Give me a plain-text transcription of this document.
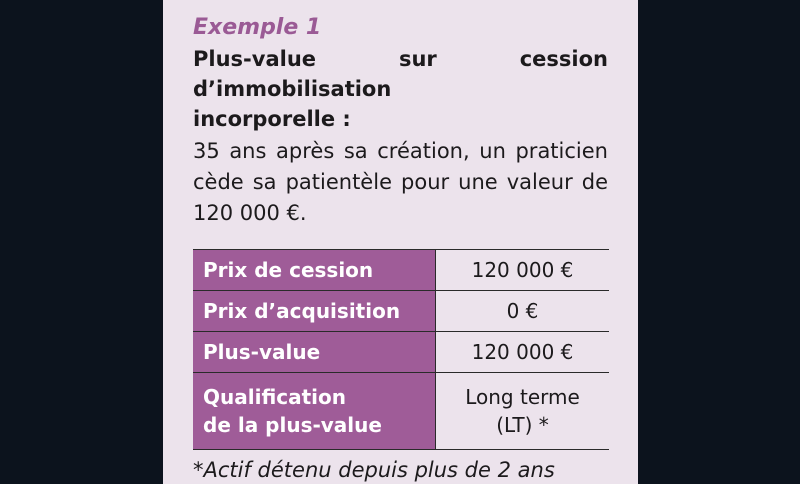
Exemple 1

Plus-value sur cession d’immobilisation
incorporelle :

35 ans après sa création, un praticien cède sa patientèle pour une valeur de 120 000 €.

Prix de cession	120 000 €
Prix d’acquisition	0 €
Plus-value	120 000 €
Qualification
de la plus-value	Long terme
(LT) *

*Actif détenu depuis plus de 2 ans
